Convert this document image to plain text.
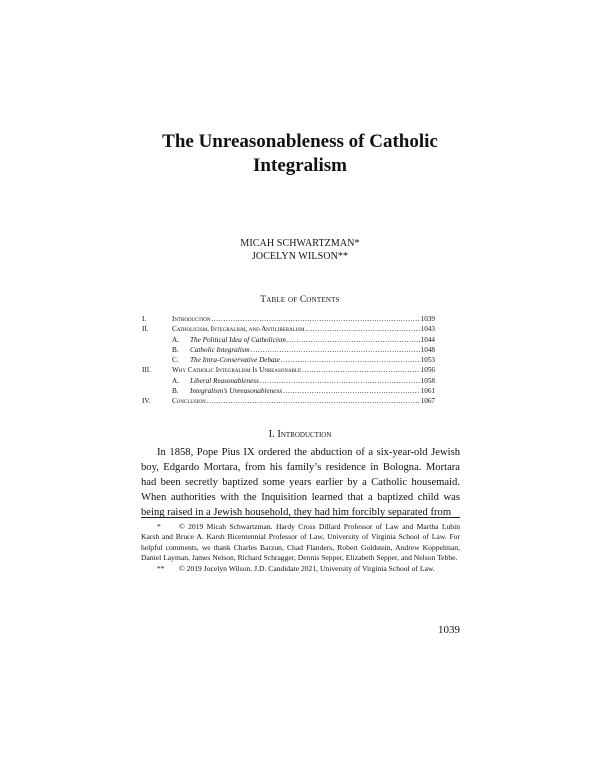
The Unreasonableness of Catholic
Integralism
MICAH SCHWARTZMAN*
JOCELYN WILSON**
Table of Contents
I.	Introduction .....	1039
II.	Catholicism, Integralism, and Antiliberalism .....	1043
A.	The Political Idea of Catholicism .....	1044
B.	Catholic Integralism .....	1048
C.	The Intra-Conservative Debate .....	1053
III.	Why Catholic Integralism Is Unreasonable .....	1056
A.	Liberal Reasonableness .....	1058
B.	Integralism’s Unreasonableness .....	1061
IV.	Conclusion .....	1067
I. Introduction

In 1858, Pope Pius IX ordered the abduction of a six-year-old Jewish boy, Edgardo Mortara, from his family’s residence in Bologna. Mortara had been secretly baptized some years earlier by a Catholic housemaid. When authorities with the Inquisition learned that a baptized child was being raised in a Jewish household, they had him forcibly separated from

* © 2019 Micah Schwartzman. Hardy Cross Dillard Professor of Law and Martha Lubin Karsh and Bruce A. Karsh Bicentennial Professor of Law, University of Virginia School of Law. For helpful comments, we thank Charles Barzun, Chad Flanders, Robert Goldstein, Andrew Koppelman, Daniel Layman, James Nelson, Richard Schragger, Dennis Sepper, Elizabeth Sepper, and Nelson Tebbe.

** © 2019 Jocelyn Wilson. J.D. Candidate 2021, University of Virginia School of Law.

1039
